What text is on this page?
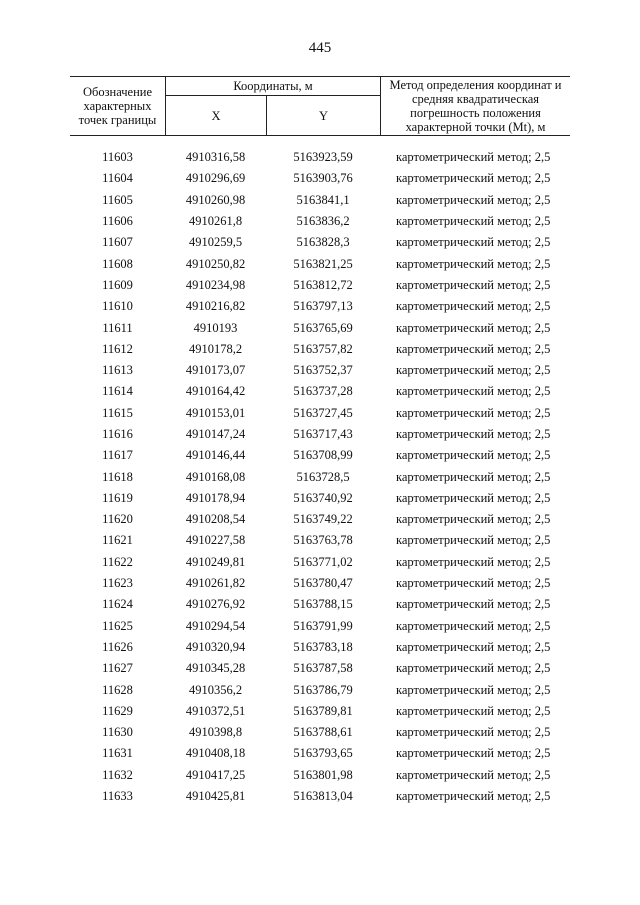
445
Обозначение характерных точек границы
Координаты, м
X	Y
Метод определения координат и средняя квадратическая погрешность положения характерной точки (Mt), м
11603	4910316,58	5163923,59	картометрический метод; 2,5
11604	4910296,69	5163903,76	картометрический метод; 2,5
11605	4910260,98	5163841,1	картометрический метод; 2,5
11606	4910261,8	5163836,2	картометрический метод; 2,5
11607	4910259,5	5163828,3	картометрический метод; 2,5
11608	4910250,82	5163821,25	картометрический метод; 2,5
11609	4910234,98	5163812,72	картометрический метод; 2,5
11610	4910216,82	5163797,13	картометрический метод; 2,5
11611	4910193	5163765,69	картометрический метод; 2,5
11612	4910178,2	5163757,82	картометрический метод; 2,5
11613	4910173,07	5163752,37	картометрический метод; 2,5
11614	4910164,42	5163737,28	картометрический метод; 2,5
11615	4910153,01	5163727,45	картометрический метод; 2,5
11616	4910147,24	5163717,43	картометрический метод; 2,5
11617	4910146,44	5163708,99	картометрический метод; 2,5
11618	4910168,08	5163728,5	картометрический метод; 2,5
11619	4910178,94	5163740,92	картометрический метод; 2,5
11620	4910208,54	5163749,22	картометрический метод; 2,5
11621	4910227,58	5163763,78	картометрический метод; 2,5
11622	4910249,81	5163771,02	картометрический метод; 2,5
11623	4910261,82	5163780,47	картометрический метод; 2,5
11624	4910276,92	5163788,15	картометрический метод; 2,5
11625	4910294,54	5163791,99	картометрический метод; 2,5
11626	4910320,94	5163783,18	картометрический метод; 2,5
11627	4910345,28	5163787,58	картометрический метод; 2,5
11628	4910356,2	5163786,79	картометрический метод; 2,5
11629	4910372,51	5163789,81	картометрический метод; 2,5
11630	4910398,8	5163788,61	картометрический метод; 2,5
11631	4910408,18	5163793,65	картометрический метод; 2,5
11632	4910417,25	5163801,98	картометрический метод; 2,5
11633	4910425,81	5163813,04	картометрический метод; 2,5
